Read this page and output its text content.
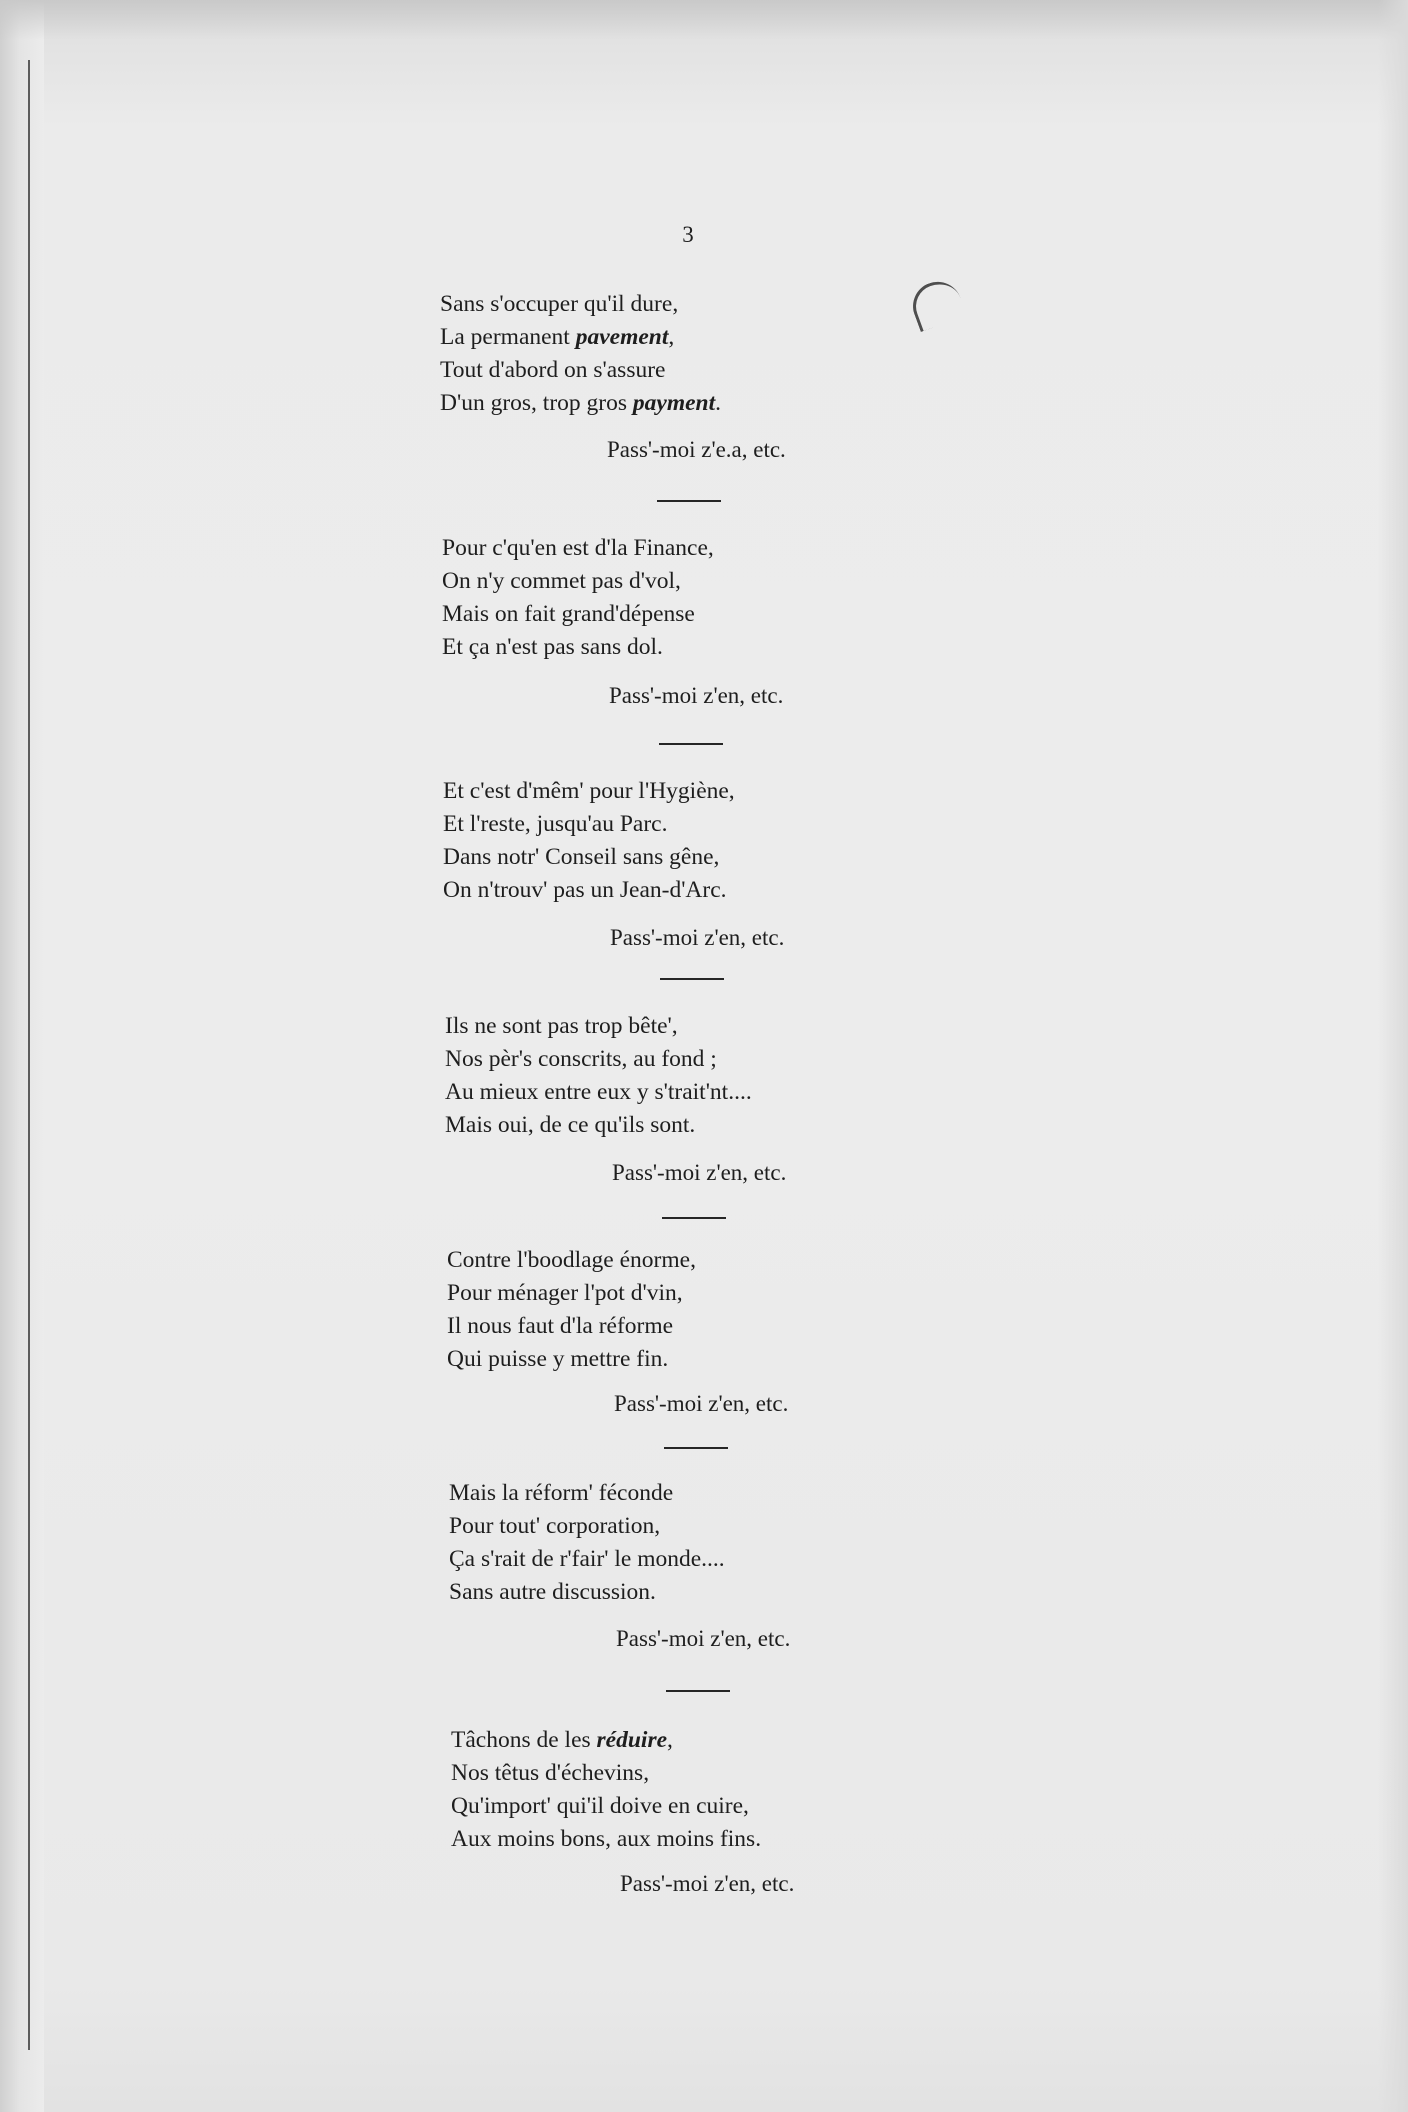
3
Sans s'occuper qu'il dure,
La permanent pavement,
Tout d'abord on s'assure
D'un gros, trop gros payment.
Pass'-moi z'e.a, etc.
Pour c'qu'en est d'la Finance,
On n'y commet pas d'vol,
Mais on fait grand'dépense
Et ça n'est pas sans dol.
Pass'-moi z'en, etc.
Et c'est d'mêm' pour l'Hygiène,
Et l'reste, jusqu'au Parc.
Dans notr' Conseil sans gêne,
On n'trouv' pas un Jean-d'Arc.
Pass'-moi z'en, etc.
Ils ne sont pas trop bête',
Nos pèr's conscrits, au fond ;
Au mieux entre eux y s'trait'nt....
Mais oui, de ce qu'ils sont.
Pass'-moi z'en, etc.
Contre l'boodlage énorme,
Pour ménager l'pot d'vin,
Il nous faut d'la réforme
Qui puisse y mettre fin.
Pass'-moi z'en, etc.
Mais la réform' féconde
Pour tout' corporation,
Ça s'rait de r'fair' le monde....
Sans autre discussion.
Pass'-moi z'en, etc.
Tâchons de les réduire,
Nos têtus d'échevins,
Qu'import' qui'il doive en cuire,
Aux moins bons, aux moins fins.
Pass'-moi z'en, etc.
